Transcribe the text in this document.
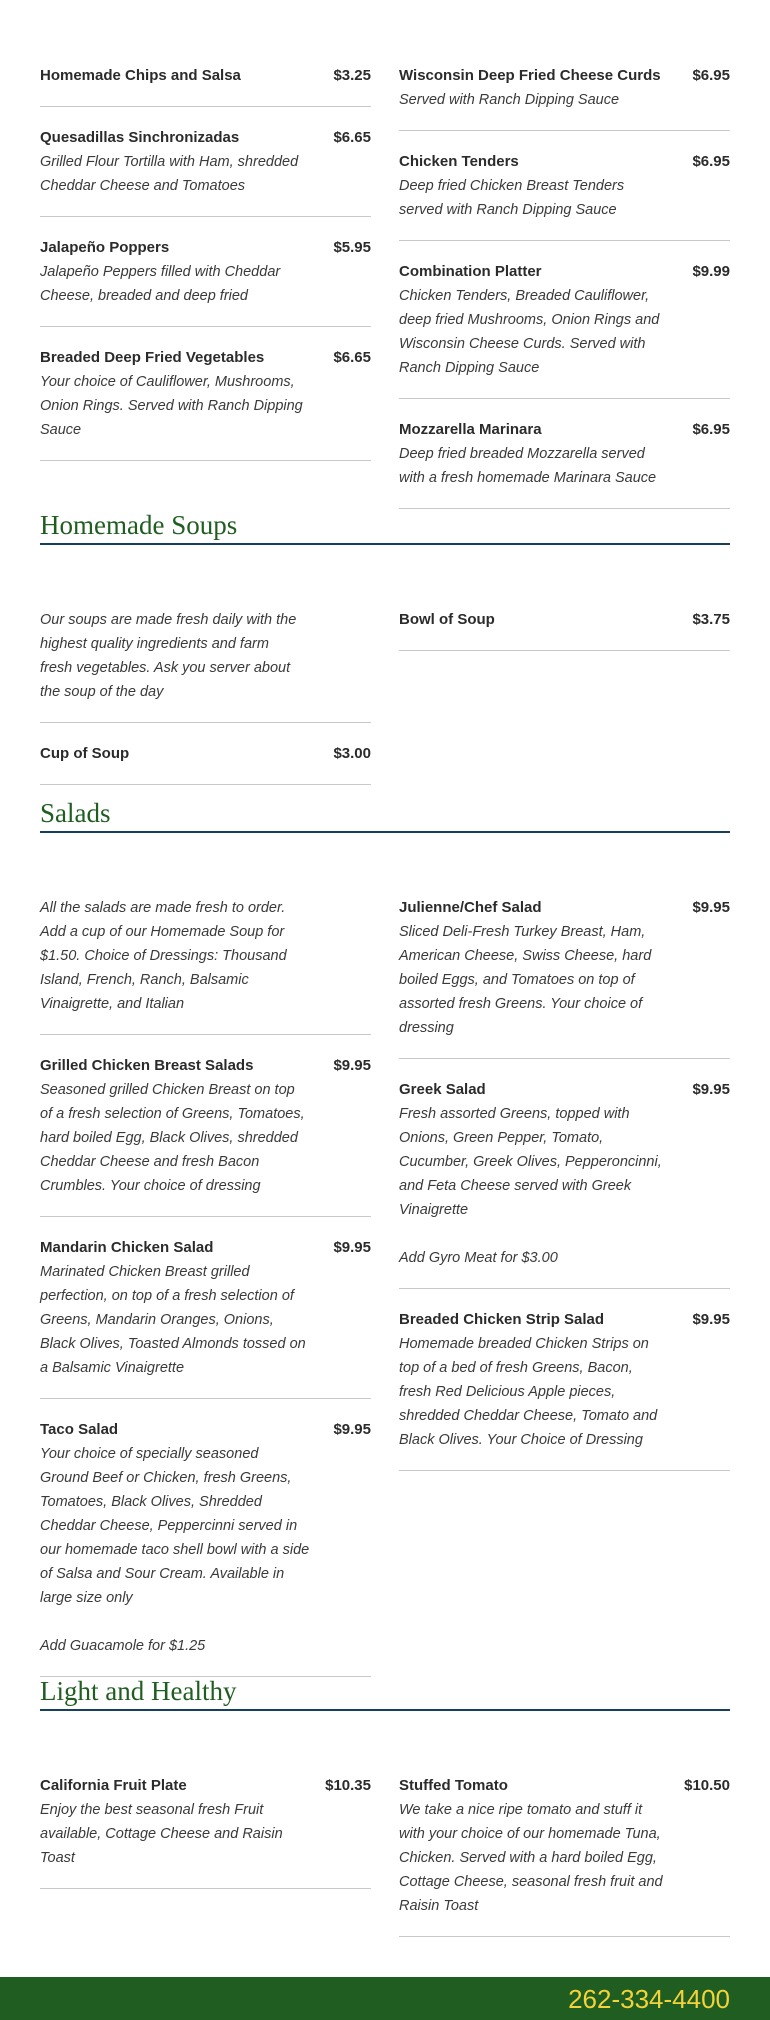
Homemade Chips and Salsa	$3.25
Quesadillas Sinchronizadas	$6.65

Grilled Flour Tortilla with Ham, shredded Cheddar Cheese and Tomatoes

Jalapeño Poppers	$5.95

Jalapeño Peppers filled with Cheddar Cheese, breaded and deep fried

Breaded Deep Fried Vegetables	$6.65

Your choice of Cauliflower, Mushrooms, Onion Rings. Served with Ranch Dipping Sauce

Wisconsin Deep Fried Cheese Curds $6.95

Served with Ranch Dipping Sauce

Chicken Tenders	$6.95

Deep fried Chicken Breast Tenders served with Ranch Dipping Sauce

Combination Platter	$9.99

Chicken Tenders, Breaded Cauliflower, deep fried Mushrooms, Onion Rings and Wisconsin Cheese Curds. Served with Ranch Dipping Sauce

Mozzarella Marinara	$6.95

Deep fried breaded Mozzarella served with a fresh homemade Marinara Sauce

Homemade Soups

Our soups are made fresh daily with the highest quality ingredients and farm fresh vegetables. Ask you server about the soup of the day

Cup of Soup	$3.00
Bowl of Soup	$3.75
Salads

All the salads are made fresh to order. Add a cup of our Homemade Soup for $1.50. Choice of Dressings: Thousand Island, French, Ranch, Balsamic Vinaigrette, and Italian

Grilled Chicken Breast Salads	$9.95

Seasoned grilled Chicken Breast on top of a fresh selection of Greens, Tomatoes, hard boiled Egg, Black Olives, shredded Cheddar Cheese and fresh Bacon Crumbles. Your choice of dressing

Mandarin Chicken Salad	$9.95

Marinated Chicken Breast grilled perfection, on top of a fresh selection of Greens, Mandarin Oranges, Onions, Black Olives, Toasted Almonds tossed on a Balsamic Vinaigrette

Taco Salad	$9.95

Your choice of specially seasoned Ground Beef or Chicken, fresh Greens, Tomatoes, Black Olives, Shredded Cheddar Cheese, Peppercinni served in our homemade taco shell bowl with a side of Salsa and Sour Cream. Available in large size only

Add Guacamole for $1.25

Julienne/Chef Salad	$9.95

Sliced Deli-Fresh Turkey Breast, Ham, American Cheese, Swiss Cheese, hard boiled Eggs, and Tomatoes on top of assorted fresh Greens. Your choice of dressing

Greek Salad	$9.95

Fresh assorted Greens, topped with Onions, Green Pepper, Tomato, Cucumber, Greek Olives, Pepperoncinni, and Feta Cheese served with Greek Vinaigrette

Add Gyro Meat for $3.00

Breaded Chicken Strip Salad	$9.95

Homemade breaded Chicken Strips on top of a bed of fresh Greens, Bacon, fresh Red Delicious Apple pieces, shredded Cheddar Cheese, Tomato and Black Olives. Your Choice of Dressing

Light and Healthy
California Fruit Plate	$10.35

Enjoy the best seasonal fresh Fruit available, Cottage Cheese and Raisin Toast

Stuffed Tomato	$10.50

We take a nice ripe tomato and stuff it with your choice of our homemade Tuna, Chicken. Served with a hard boiled Egg, Cottage Cheese, seasonal fresh fruit and Raisin Toast

262-334-4400
